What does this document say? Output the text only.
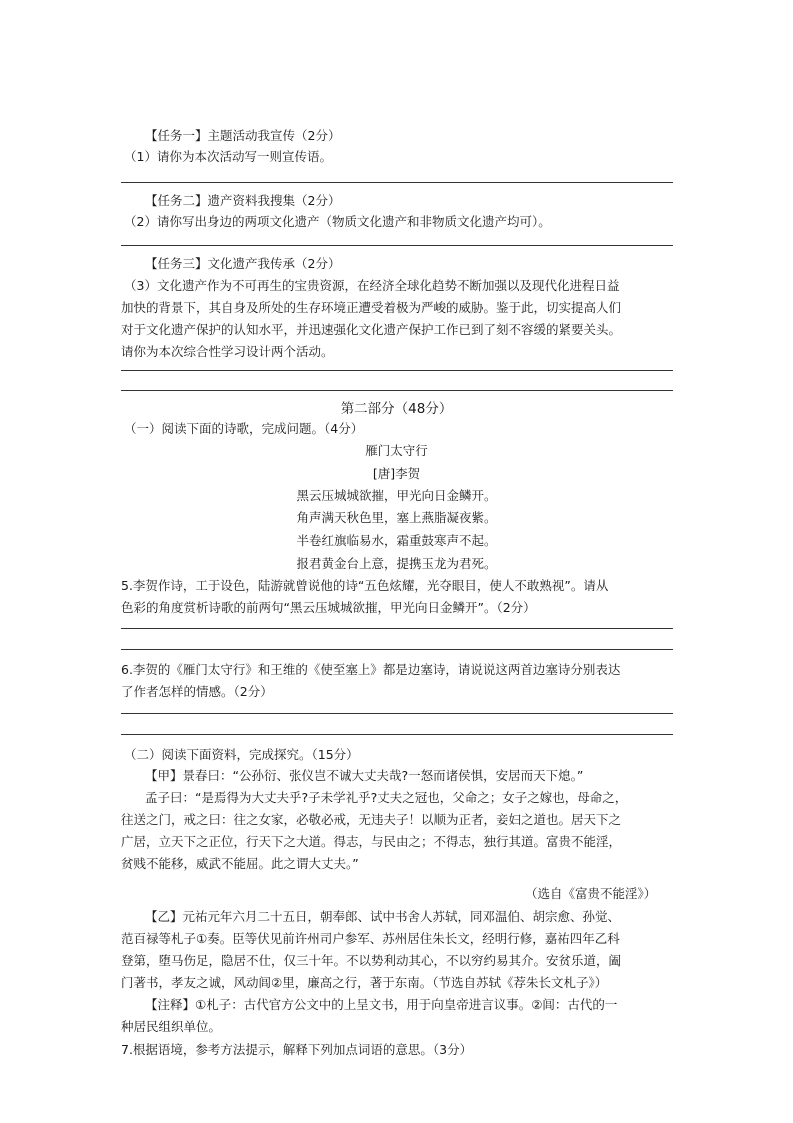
【任务一】主题活动我宣传（2分）
（1）请你为本次活动写一则宣传语。
【任务二】遗产资料我搜集（2分）
（2）请你写出身边的两项文化遗产（物质文化遗产和非物质文化遗产均可）。
【任务三】文化遗产我传承（2分）
（3）文化遗产作为不可再生的宝贵资源，在经济全球化趋势不断加强以及现代化进程日益
加快的背景下，其自身及所处的生存环境正遭受着极为严峻的威胁。鉴于此，切实提高人们
对于文化遗产保护的认知水平，并迅速强化文化遗产保护工作已到了刻不容缓的紧要关头。
请你为本次综合性学习设计两个活动。
第二部分（48分）
（一）阅读下面的诗歌，完成问题。（4分）
雁门太守行
[唐]李贺
黑云压城城欲摧，甲光向日金鳞开。
角声满天秋色里，塞上燕脂凝夜紫。
半卷红旗临易水，霜重鼓寒声不起。
报君黄金台上意，提携玉龙为君死。
5.李贺作诗，工于设色，陆游就曾说他的诗“五色炫耀，光夺眼目，使人不敢熟视”。请从
色彩的角度赏析诗歌的前两句“黑云压城城欲摧，甲光向日金鳞开”。（2分）
6.李贺的《雁门太守行》和王维的《使至塞上》都是边塞诗，请说说这两首边塞诗分别表达
了作者怎样的情感。（2分）
（二）阅读下面资料，完成探究。（15分）
【甲】景春曰：“公孙衍、张仪岂不诚大丈夫哉?一怒而诸侯惧，安居而天下熄。”
孟子曰：“是焉得为大丈夫乎?子未学礼乎?丈夫之冠也，父命之；女子之嫁也，母命之，
往送之门，戒之曰：往之女家，必敬必戒，无违夫子！以顺为正者，妾妇之道也。居天下之
广居，立天下之正位，行天下之大道。得志，与民由之；不得志，独行其道。富贵不能淫，
贫贱不能移，威武不能屈。此之谓大丈夫。”
（选自《富贵不能淫》）
【乙】元祐元年六月二十五日，朝奉郎、试中书舍人苏轼，同邓温伯、胡宗愈、孙觉、
范百禄等札子①奏。臣等伏见前许州司户参军、苏州居住朱长文，经明行修，嘉祐四年乙科
登第，堕马伤足，隐居不仕，仅三十年。不以势利动其心，不以穷约易其介。安贫乐道，阖
门著书，孝友之诚，风动闾②里，廉高之行，著于东南。（节选自苏轼《荐朱长文札子》）
【注释】①札子：古代官方公文中的上呈文书，用于向皇帝进言议事。②闾：古代的一
种居民组织单位。
7.根据语境，参考方法提示，解释下列加点词语的意思。（3分）
